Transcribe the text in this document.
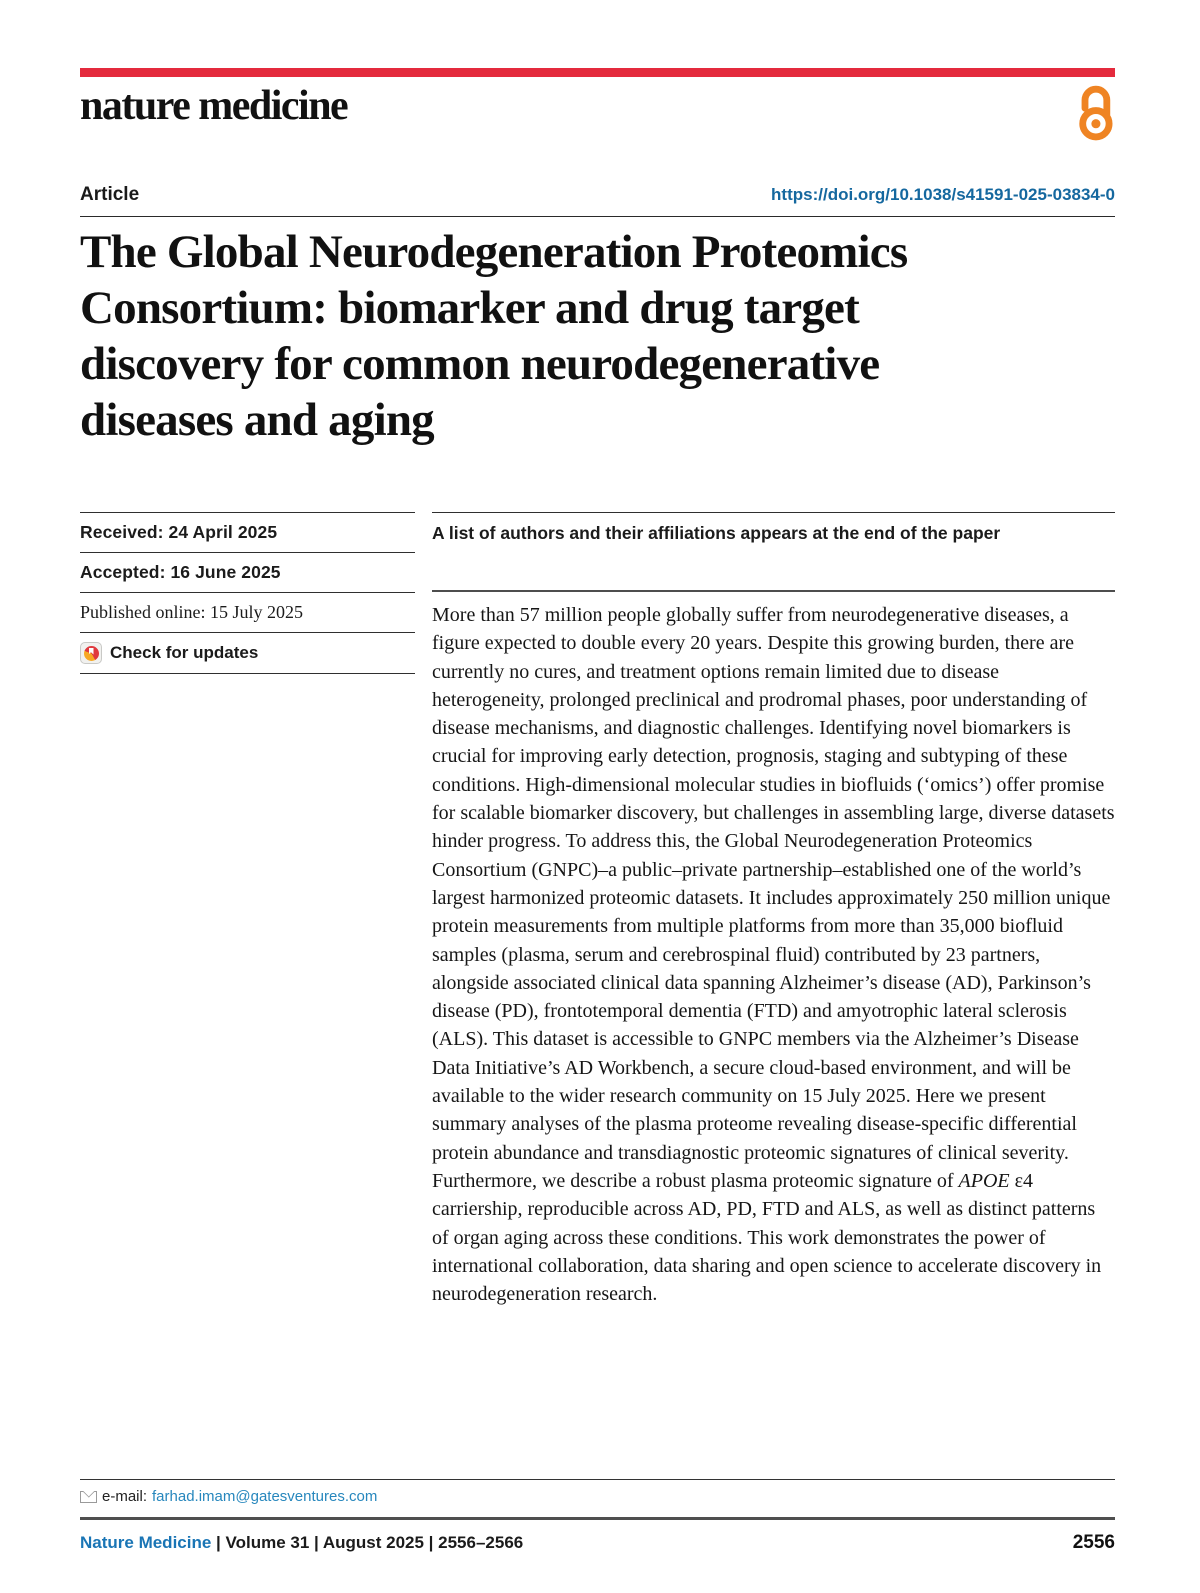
nature medicine
Article	https://doi.org/10.1038/s41591-025-03834-0
The Global Neurodegeneration Proteomics
Consortium: biomarker and drug target
discovery for common neurodegenerative
diseases and aging
Received: 24 April 2025
Accepted: 16 June 2025
Published online: 15 July 2025
Check for updates
A list of authors and their affiliations appears at the end of the paper

More than 57 million people globally suffer from neurodegenerative diseases, a figure expected to double every 20 years. Despite this growing burden, there are currently no cures, and treatment options remain limited due to disease heterogeneity, prolonged preclinical and prodromal phases, poor understanding of disease mechanisms, and diagnostic challenges. Identifying novel biomarkers is crucial for improving early detection, prognosis, staging and subtyping of these conditions. High-dimensional molecular studies in biofluids (‘omics’) offer promise for scalable biomarker discovery, but challenges in assembling large, diverse datasets hinder progress. To address this, the Global Neurodegeneration Proteomics Consortium (GNPC)–a public–private partnership–established one of the world’s largest harmonized proteomic datasets. It includes approximately 250 million unique protein measurements from multiple platforms from more than 35,000 biofluid samples (plasma, serum and cerebrospinal fluid) contributed by 23 partners, alongside associated clinical data spanning Alzheimer’s disease (AD), Parkinson’s disease (PD), frontotemporal dementia (FTD) and amyotrophic lateral sclerosis (ALS). This dataset is accessible to GNPC members via the Alzheimer’s Disease Data Initiative’s AD Workbench, a secure cloud-based environment, and will be available to the wider research community on 15 July 2025. Here we present summary analyses of the plasma proteome revealing disease-specific differential protein abundance and transdiagnostic proteomic signatures of clinical severity. Furthermore, we describe a robust plasma proteomic signature of APOE ε4 carriership, reproducible across AD, PD, FTD and ALS, as well as distinct patterns of organ aging across these conditions. This work demonstrates the power of international collaboration, data sharing and open science to accelerate discovery in neurodegeneration research.

e-mail: farhad.imam@gatesventures.com
Nature Medicine | Volume 31 | August 2025 | 2556–2566	2556
